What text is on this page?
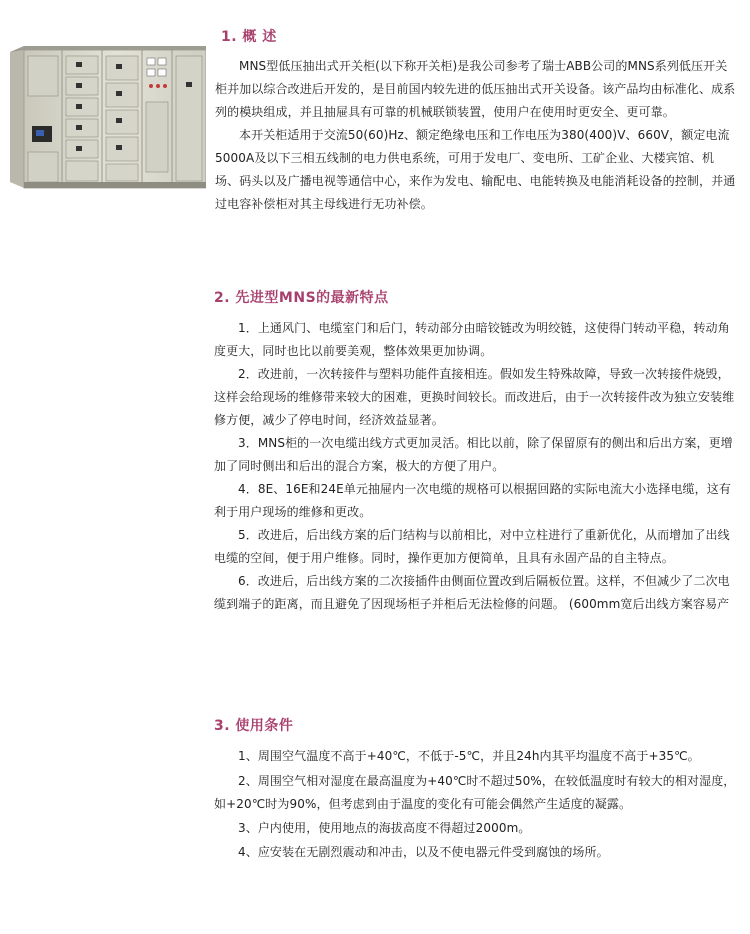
1. 概 述

MNS型低压抽出式开关柜(以下称开关柜)是我公司参考了瑞士ABB公司的MNS系列低压开关柜并加以综合改进后开发的，是目前国内较先进的低压抽出式开关设备。该产品均由标准化、成系列的模块组成，并且抽屉具有可靠的机械联锁装置，使用户在使用时更安全、更可靠。

本开关柜适用于交流50(60)Hz、额定绝缘电压和工作电压为380(400)V、660V，额定电流5000A及以下三相五线制的电力供电系统，可用于发电厂、变电所、工矿企业、大楼宾馆、机场、码头以及广播电视等通信中心，来作为发电、输配电、电能转换及电能消耗设备的控制，并通过电容补偿柜对其主母线进行无功补偿。

2. 先进型MNS的最新特点

1．上通风门、电缆室门和后门，转动部分由暗铰链改为明绞链，这使得门转动平稳，转动角度更大，同时也比以前要美观，整体效果更加协调。

2．改进前，一次转接件与塑料功能件直接相连。假如发生特殊故障，导致一次转接件烧毁，这样会给现场的维修带来较大的困难，更换时间较长。而改进后，由于一次转接件改为独立安装维修方便，减少了停电时间，经济效益显著。

3．MNS柜的一次电缆出线方式更加灵活。相比以前，除了保留原有的侧出和后出方案，更增加了同时侧出和后出的混合方案，极大的方便了用户。

4．8E、16E和24E单元抽屉内一次电缆的规格可以根据回路的实际电流大小选择电缆，这有利于用户现场的维修和更改。

5．改进后，后出线方案的后门结构与以前相比，对中立柱进行了重新优化，从而增加了出线电缆的空间，便于用户维修。同时，操作更加方便简单，且具有永固产品的自主特点。

6．改进后，后出线方案的二次接插件由侧面位置改到后隔板位置。这样，不但减少了二次电缆到端子的距离，而且避免了因现场柜子并柜后无法检修的问题。 (600mm宽后出线方案容易产

3. 使用条件

1、周围空气温度不高于+40℃，不低于-5℃，并且24h内其平均温度不高于+35℃。

2、周围空气相对湿度在最高温度为+40℃时不超过50%，在较低温度时有较大的相对湿度，如+20℃时为90%，但考虑到由于温度的变化有可能会偶然产生适度的凝露。

3、户内使用，使用地点的海拔高度不得超过2000m。

4、应安装在无剧烈震动和冲击，以及不使电器元件受到腐蚀的场所。
